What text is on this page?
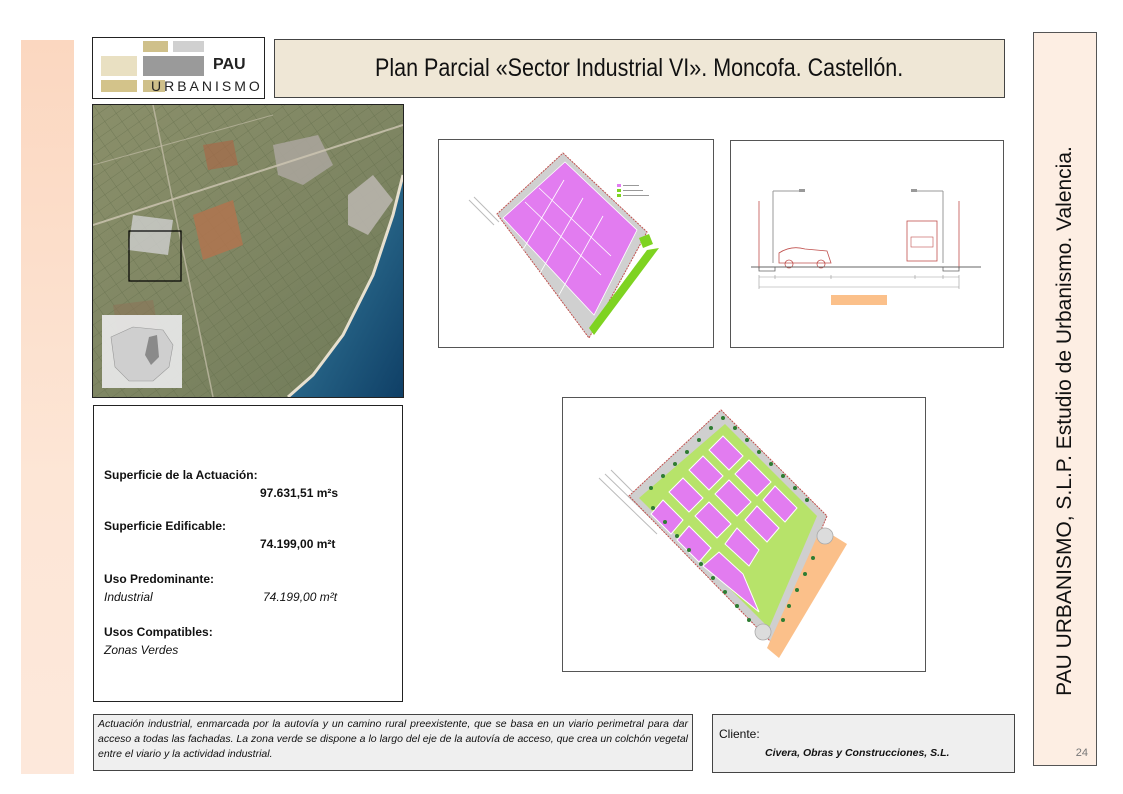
PAU
URBANISMO
Plan Parcial «Sector Industrial VI». Moncofa. Castellón.
PAU URBANISMO, S.L.P. Estudio de Urbanismo. Valencia.
24
Superficie de la Actuación:
97.631,51 m²s
Superficie Edificable:
74.199,00 m²t
Uso Predominante:
Industrial	74.199,00 m²t
Usos Compatibles:
Zonas Verdes
Actuación industrial, enmarcada por la autovía y un camino rural preexistente, que se basa en un viario perimetral para dar acceso a todas las fachadas. La zona verde se dispone a lo largo del eje de la autovía de acceso, que crea un colchón vegetal entre el viario y la actividad industrial.
Cliente:
Civera, Obras y Construcciones, S.L.
